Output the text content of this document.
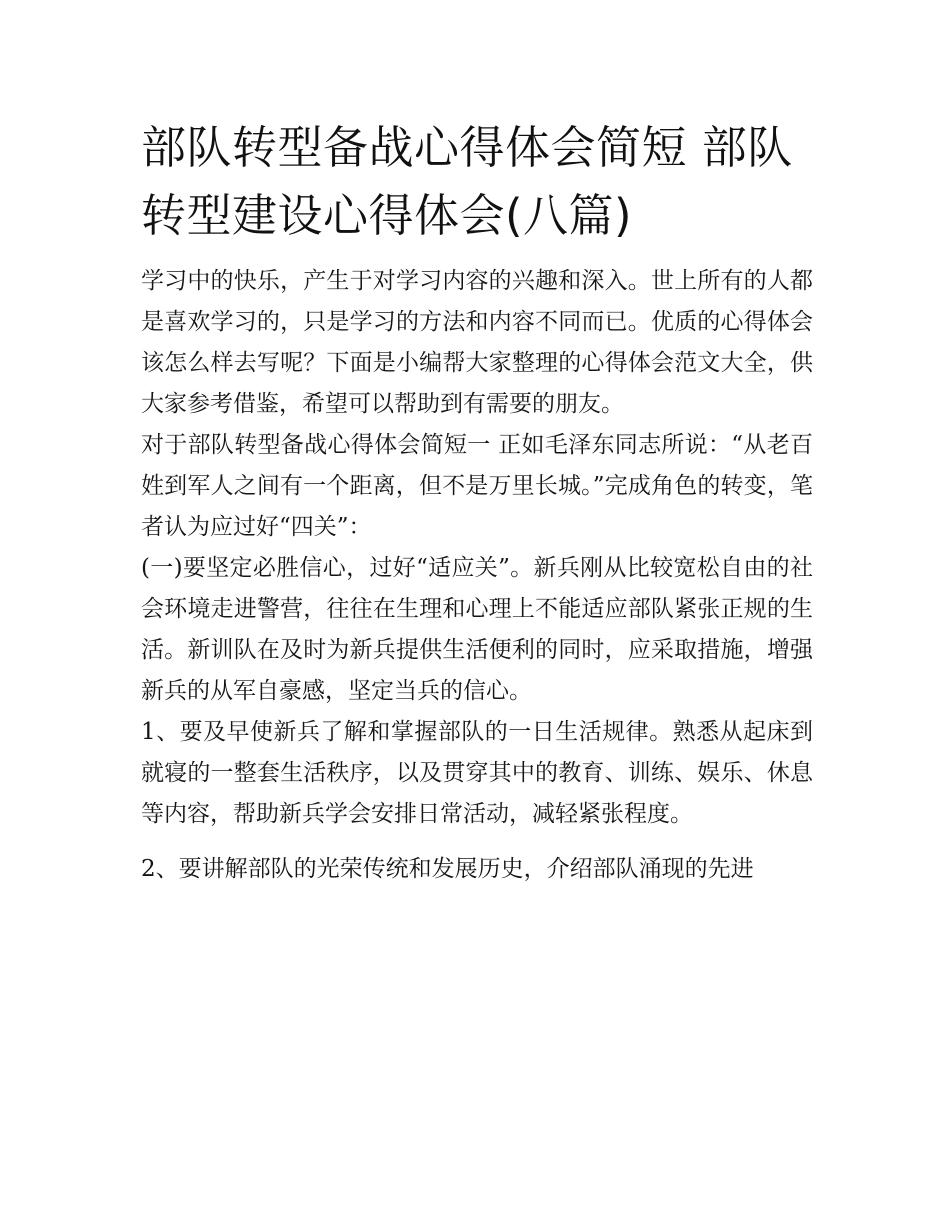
部队转型备战心得体会简短 部队转型建设心得体会(八篇)

学习中的快乐，产生于对学习内容的兴趣和深入。世上所有的人都是喜欢学习的，只是学习的方法和内容不同而已。优质的心得体会该怎么样去写呢？下面是小编帮大家整理的心得体会范文大全，供大家参考借鉴，希望可以帮助到有需要的朋友。

对于部队转型备战心得体会简短一 正如毛泽东同志所说：“从老百姓到军人之间有一个距离，但不是万里长城。”完成角色的转变，笔者认为应过好“四关”：

(一)要坚定必胜信心，过好“适应关”。新兵刚从比较宽松自由的社会环境走进警营，往往在生理和心理上不能适应部队紧张正规的生活。新训队在及时为新兵提供生活便利的同时，应采取措施，增强新兵的从军自豪感，坚定当兵的信心。

1、要及早使新兵了解和掌握部队的一日生活规律。熟悉从起床到就寝的一整套生活秩序，以及贯穿其中的教育、训练、娱乐、休息等内容，帮助新兵学会安排日常活动，减轻紧张程度。

2、要讲解部队的光荣传统和发展历史，介绍部队涌现的先进
